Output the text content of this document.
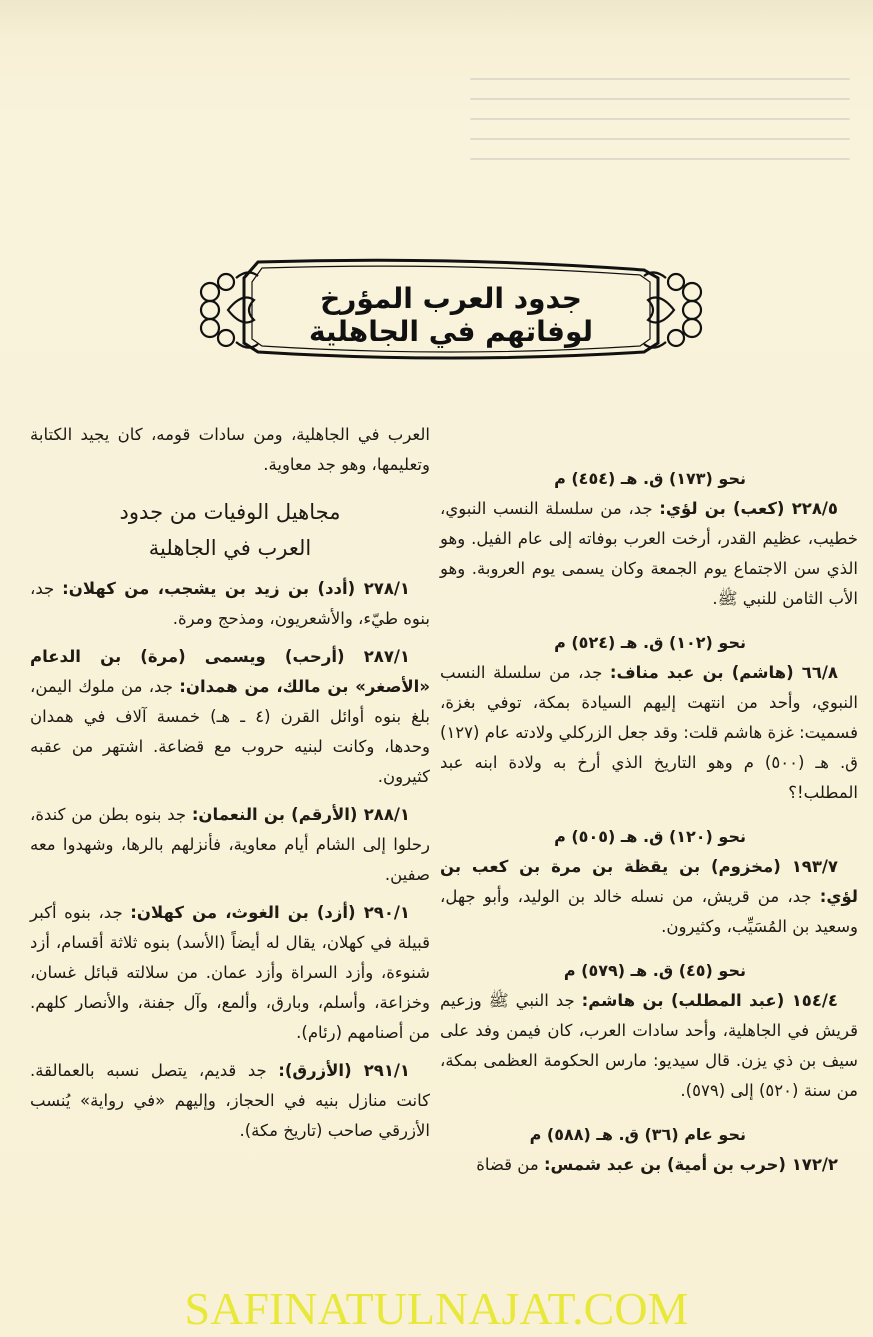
جدود العرب المؤرخ لوفاتهم في الجاهلية
نحو (١٧٣) ق. هـ (٤٥٤) م

٢٢٨/٥ (كعب) بن لؤي: جد، من سلسلة النسب النبوي، خطيب، عظيم القدر، أرخت العرب بوفاته إلى عام الفيل. وهو الذي سن الاجتماع يوم الجمعة وكان يسمى يوم العروبة. وهو الأب الثامن للنبي ﷺ.

نحو (١٠٢) ق. هـ (٥٢٤) م

٦٦/٨ (هاشم) بن عبد مناف: جد، من سلسلة النسب النبوي، وأحد من انتهت إليهم السيادة بمكة، توفي بغزة، فسميت: غزة هاشم قلت: وقد جعل الزركلي ولادته عام (١٢٧) ق. هـ (٥٠٠) م وهو التاريخ الذي أرخ به ولادة ابنه عبد المطلب!؟

نحو (١٢٠) ق. هـ (٥٠٥) م

١٩٣/٧ (مخزوم) بن يقظة بن مرة بن كعب بن لؤي: جد، من قريش، من نسله خالد بن الوليد، وأبو جهل، وسعيد بن المُسَيِّب، وكثيرون.

نحو (٤٥) ق. هـ (٥٧٩) م

١٥٤/٤ (عبد المطلب) بن هاشم: جد النبي ﷺ وزعيم قريش في الجاهلية، وأحد سادات العرب، كان فيمن وفد على سيف بن ذي يزن. قال سيديو: مارس الحكومة العظمى بمكة، من سنة (٥٢٠) إلى (٥٧٩).

نحو عام (٣٦) ق. هـ (٥٨٨) م

١٧٢/٢ (حرب بن أمية) بن عبد شمس: من قضاة

العرب في الجاهلية، ومن سادات قومه، كان يجيد الكتابة وتعليمها، وهو جد معاوية.

مجاهيل الوفيات من جدود
العرب في الجاهلية

٢٧٨/١ (أدد) بن زيد بن يشجب، من كهلان: جد، بنوه طيّء، والأشعريون، ومذحج ومرة.

٢٨٧/١ (أرحب) ويسمى (مرة) بن الدعام «الأصغر» بن مالك، من همدان: جد، من ملوك اليمن، بلغ بنوه أوائل القرن (٤ ـ هـ) خمسة آلاف في همدان وحدها، وكانت لبنيه حروب مع قضاعة. اشتهر من عقبه كثيرون.

٢٨٨/١ (الأرقم) بن النعمان: جد بنوه بطن من كندة، رحلوا إلى الشام أيام معاوية، فأنزلهم بالرها، وشهدوا معه صفين.

٢٩٠/١ (أزد) بن الغوث، من كهلان: جد، بنوه أكبر قبيلة في كهلان، يقال له أيضاً (الأسد) بنوه ثلاثة أقسام، أزد شنوءة، وأزد السراة وأزد عمان. من سلالته قبائل غسان، وخزاعة، وأسلم، وبارق، وألمع، وآل جفنة، والأنصار كلهم. من أصنامهم (رئام).

٢٩١/١ (الأزرق): جد قديم، يتصل نسبه بالعمالقة. كانت منازل بنيه في الحجاز، وإليهم «في رواية» يُنسب الأزرقي صاحب (تاريخ مكة).

SAFINATULNAJAT.COM
